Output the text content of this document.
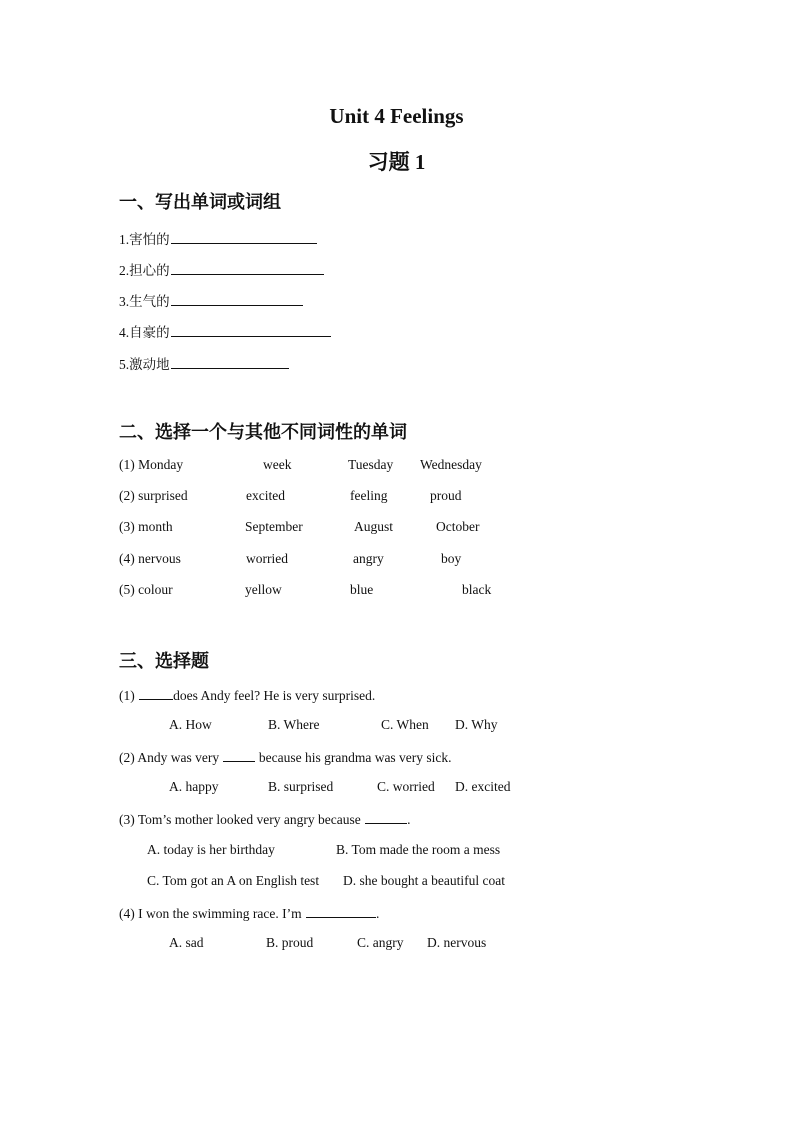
Unit 4 Feelings
习题 1
一、写出单词或词组
1.害怕的
2.担心的
3.生气的
4.自豪的
5.激动地
二、选择一个与其他不同词性的单词
(1) Monday	week	Tuesday Wednesday
(2) surprised	excited	feeling	proud
(3) month	September	August	October
(4) nervous	worried	angry	boy
(5) colour	yellow	blue	black
三、选择题
(1)	does Andy feel? He is very surprised.
A. How	B. Where	C. When D. Why
(2) Andy was very	because his grandma was very sick.
A. happy	B. surprised	C. worried D. excited
(3) Tom’s mother looked very angry because	.
A. today is her birthday	B. Tom made the room a mess
C. Tom got an A on English test D. she bought a beautiful coat
(4) I won the swimming race. I’m	.
A. sad	B. proud	C. angry D. nervous
